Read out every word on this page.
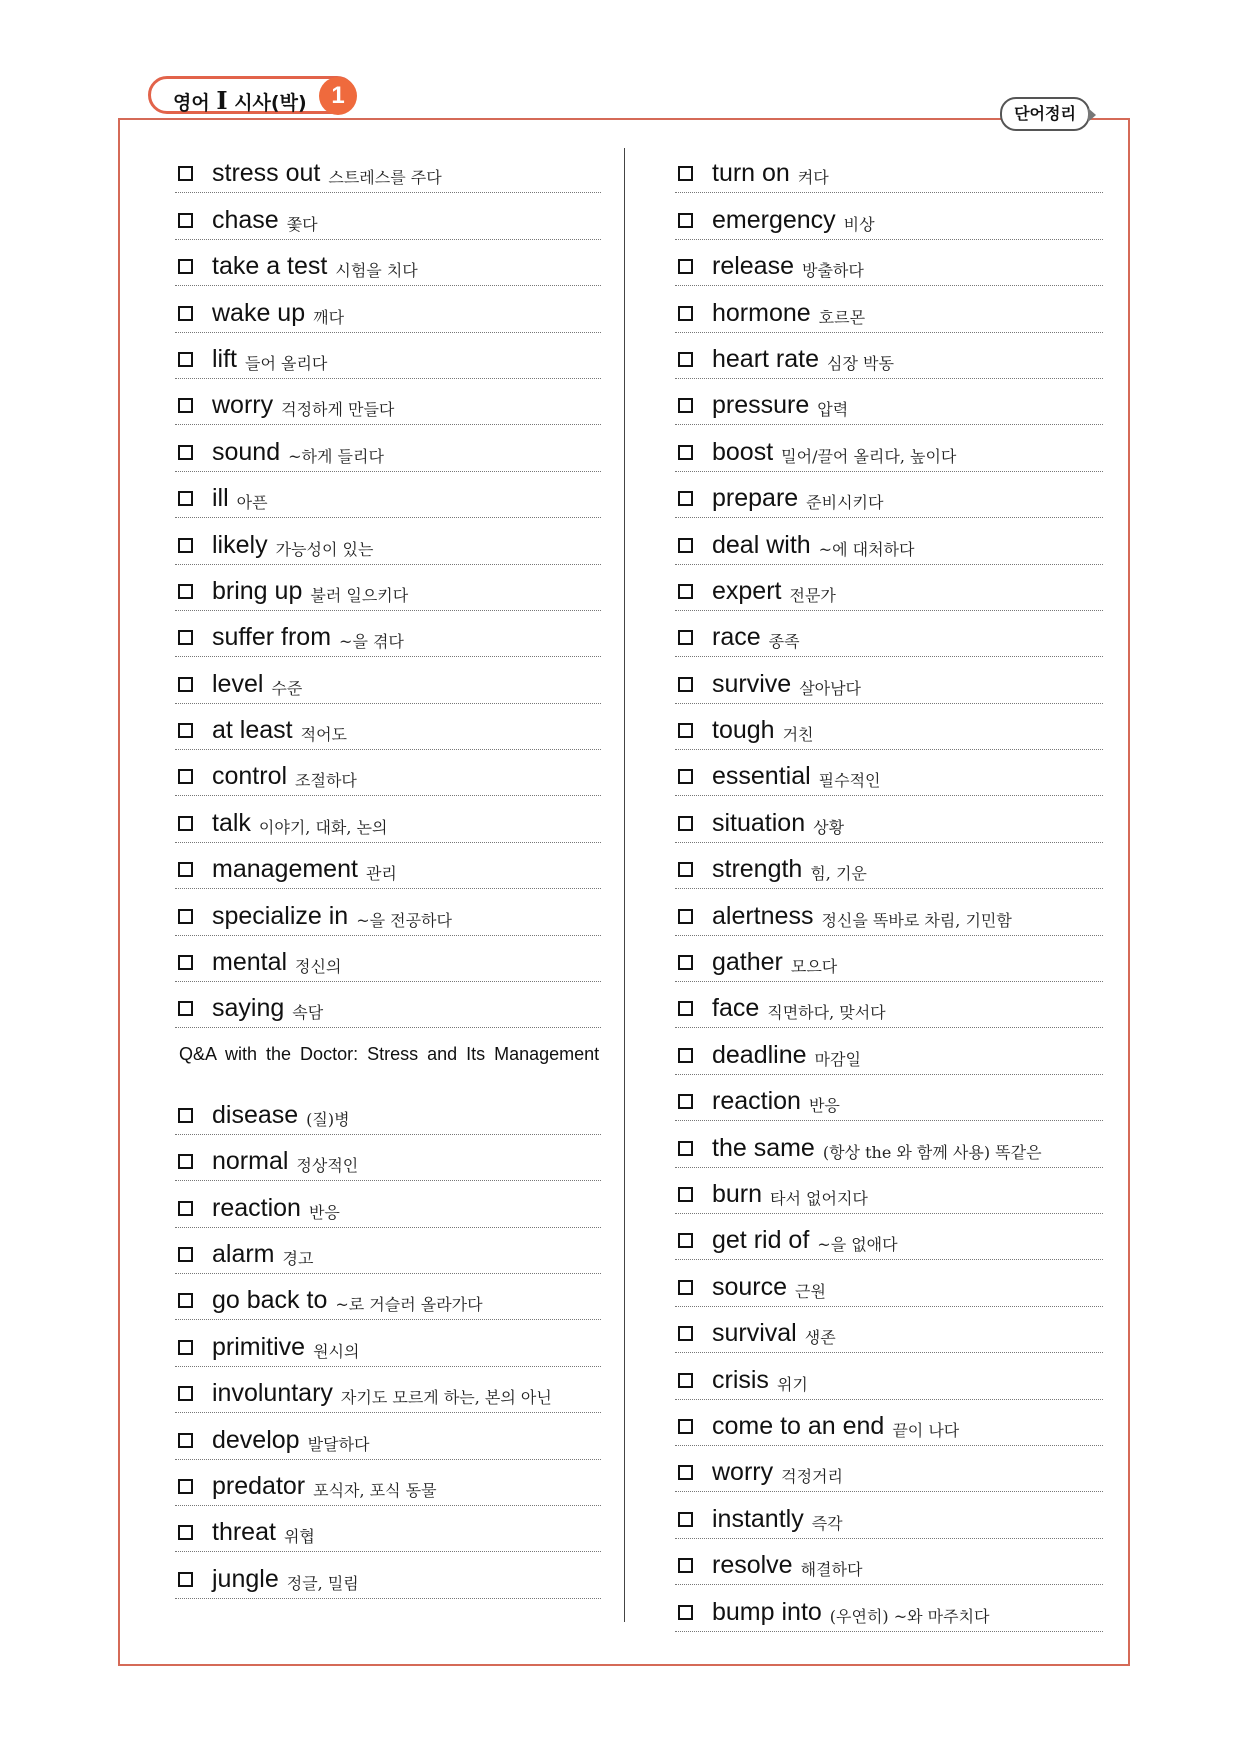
영어 I 시사(박)	1
단어정리
stress out 스트레스를 주다
chase 쫓다
take a test 시험을 치다
wake up 깨다
lift 들어 올리다
worry 걱정하게 만들다
sound ~하게 들리다
ill 아픈
likely 가능성이 있는
bring up 불러 일으키다
suffer from ~을 겪다
level 수준
at least 적어도
control 조절하다
talk 이야기, 대화, 논의
management 관리
specialize in ~을 전공하다
mental 정신의
saying 속담
Q&A with the Doctor: Stress and Its Management
disease (질)병
normal 정상적인
reaction 반응
alarm 경고
go back to ~로 거슬러 올라가다
primitive 원시의
involuntary 자기도 모르게 하는, 본의 아닌
develop 발달하다
predator 포식자, 포식 동물
threat 위협
jungle 정글, 밀림
turn on 켜다
emergency 비상
release 방출하다
hormone 호르몬
heart rate 심장 박동
pressure 압력
boost 밀어/끌어 올리다, 높이다
prepare 준비시키다
deal with ~에 대처하다
expert 전문가
race 종족
survive 살아남다
tough 거친
essential 필수적인
situation 상황
strength 힘, 기운
alertness 정신을 똑바로 차림, 기민함
gather 모으다
face 직면하다, 맞서다
deadline 마감일
reaction 반응
the same (항상 the 와 함께 사용) 똑같은
burn 타서 없어지다
get rid of ~을 없애다
source 근원
survival 생존
crisis 위기
come to an end 끝이 나다
worry 걱정거리
instantly 즉각
resolve 해결하다
bump into (우연히) ~와 마주치다
